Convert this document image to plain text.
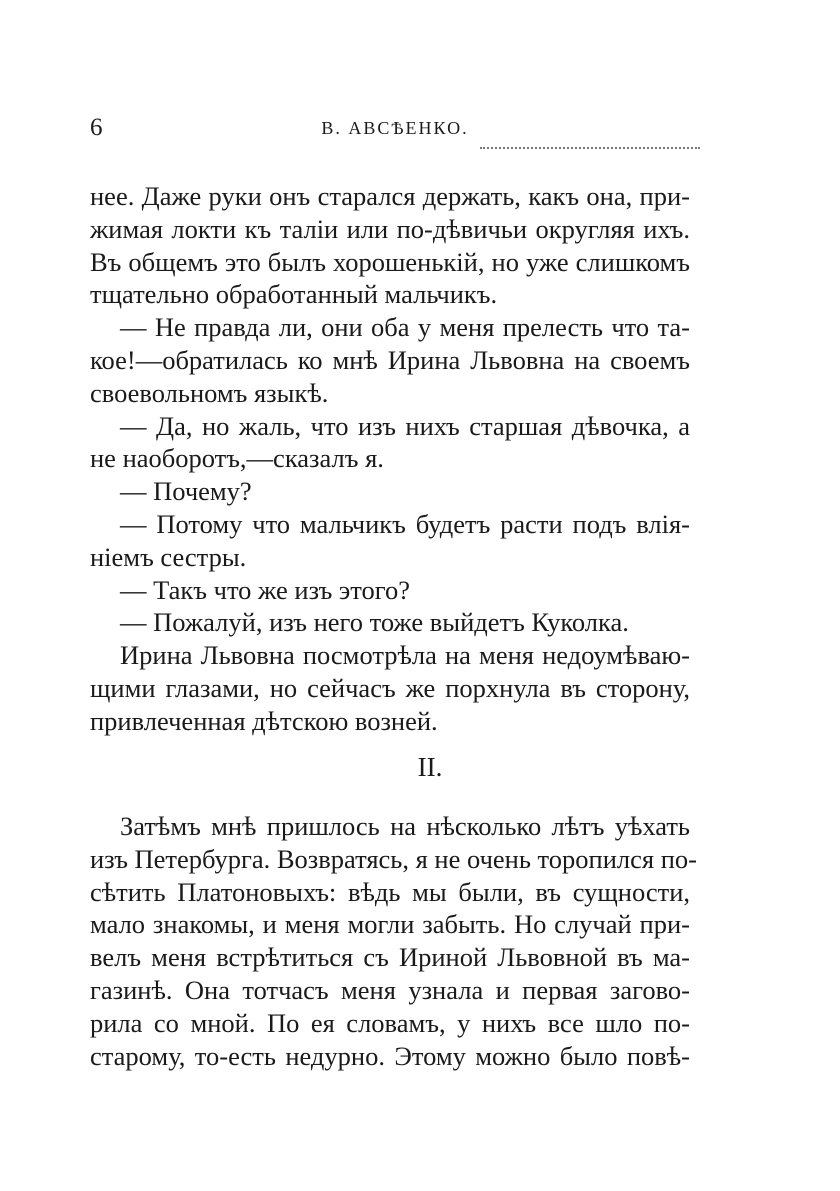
6	В. АВСѢЕНКО.
нее. Даже руки онъ старался держать, какъ она, при-
жимая локти къ таліи или по-дѣвичьи округляя ихъ.
Въ общемъ это былъ хорошенькій, но уже слишкомъ
тщательно обработанный мальчикъ.
— Не правда ли, они оба у меня прелесть что та-
кое!—обратилась ко мнѣ Ирина Львовна на своемъ
своевольномъ языкѣ.
— Да, но жаль, что изъ нихъ старшая дѣвочка, а
не наоборотъ,—сказалъ я.
— Почему?
— Потому что мальчикъ будетъ расти подъ влія-
ніемъ сестры.
— Такъ что же изъ этого?
— Пожалуй, изъ него тоже выйдетъ Куколка.
Ирина Львовна посмотрѣла на меня недоумѣваю-
щими глазами, но сейчасъ же порхнула въ сторону,
привлеченная дѣтскою возней.
II.
Затѣмъ мнѣ пришлось на нѣсколько лѣтъ уѣхать
изъ Петербурга. Возвратясь, я не очень торопился по-
сѣтить Платоновыхъ: вѣдь мы были, въ сущности,
мало знакомы, и меня могли забыть. Но случай при-
велъ меня встрѣтиться съ Ириной Львовной въ ма-
газинѣ. Она тотчасъ меня узнала и первая загово-
рила со мной. По ея словамъ, у нихъ все шло по-
старому, то-есть недурно. Этому можно было повѣ-
